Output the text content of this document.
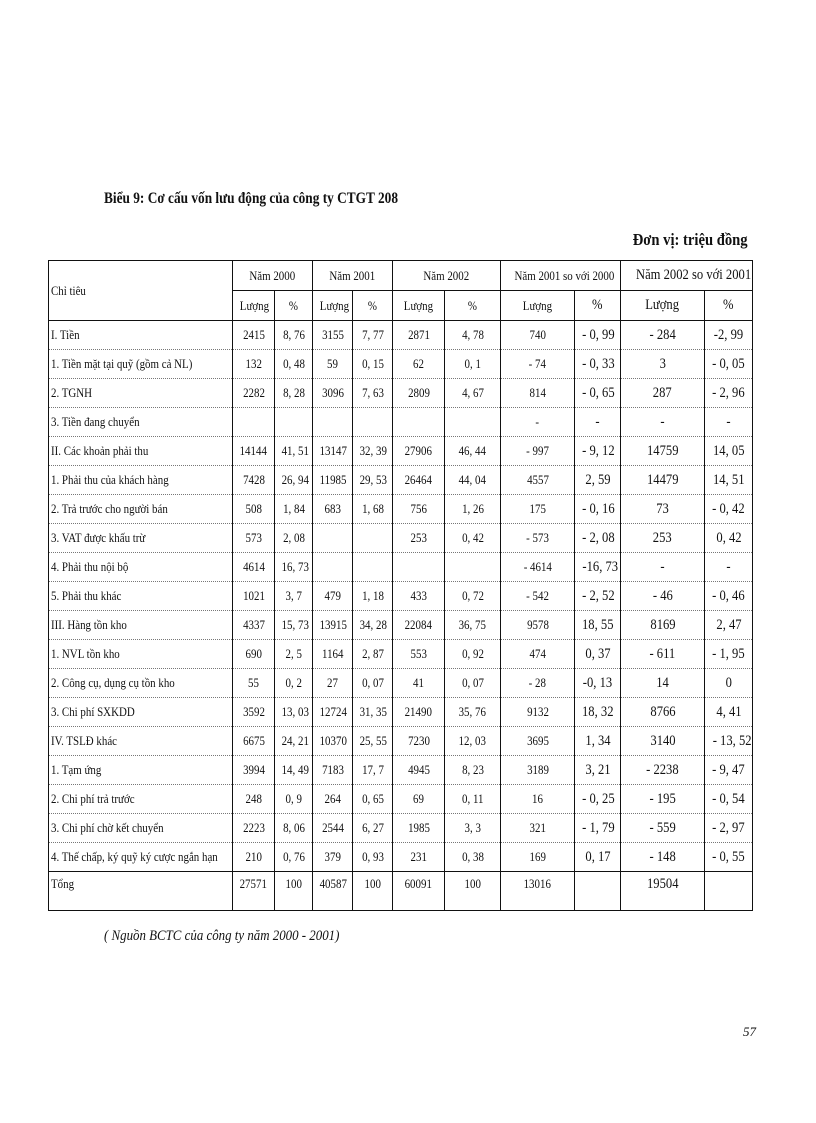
Biểu 9: Cơ cấu vốn lưu động của công ty CTGT 208
Đơn vị: triệu đồng
Chỉ tiêu	Năm 2000		Năm 2001		Năm 2002		Năm 2001 so với 2000		Năm 2002 so với 2001	
	Lượng	%	Lượng	%	Lượng	%	Lượng	%	Lượng	%
I. Tiền	2415	8, 76	3155	7, 77	2871	4, 78	740	- 0, 99	- 284	-2, 99
1. Tiền mặt tại quỹ (gồm cả NL)	132	0, 48	59	0, 15	62	0, 1	- 74	- 0, 33	3	- 0, 05
2. TGNH	2282	8, 28	3096	7, 63	2809	4, 67	814	- 0, 65	287	- 2, 96
3. Tiền đang chuyển							-	-	-	-
II. Các khoản phải thu	14144	41, 51	13147	32, 39	27906	46, 44	- 997	- 9, 12	14759	14, 05
1. Phải thu của khách hàng	7428	26, 94	11985	29, 53	26464	44, 04	4557	2, 59	14479	14, 51
2. Trả trước cho người bán	508	1, 84	683	1, 68	756	1, 26	175	- 0, 16	73	- 0, 42
3. VAT được khấu trừ	573	2, 08			253	0, 42	- 573	- 2, 08	253	0, 42
4. Phải thu nội bộ	4614	16, 73					- 4614	-16, 73	-	-
5. Phải thu khác	1021	3, 7	479	1, 18	433	0, 72	- 542	- 2, 52	- 46	- 0, 46
III. Hàng tồn kho	4337	15, 73	13915	34, 28	22084	36, 75	9578	18, 55	8169	2, 47
1. NVL tồn kho	690	2, 5	1164	2, 87	553	0, 92	474	0, 37	- 611	- 1, 95
2. Công cụ, dụng cụ tồn kho	55	0, 2	27	0, 07	41	0, 07	- 28	-0, 13	14	0
3. Chi phí SXKDD	3592	13, 03	12724	31, 35	21490	35, 76	9132	18, 32	8766	4, 41
IV. TSLĐ khác	6675	24, 21	10370	25, 55	7230	12, 03	3695	1, 34	3140	- 13, 52
1. Tạm ứng	3994	14, 49	7183	17, 7	4945	8, 23	3189	3, 21	- 2238	- 9, 47
2. Chi phí trả trước	248	0, 9	264	0, 65	69	0, 11	16	- 0, 25	- 195	- 0, 54
3. Chi phí chờ kết chuyển	2223	8, 06	2544	6, 27	1985	3, 3	321	- 1, 79	- 559	- 2, 97
4. Thế chấp, ký quỹ ký cược ngắn hạn	210	0, 76	379	0, 93	231	0, 38	169	0, 17	- 148	- 0, 55
Tổng	27571	100	40587	100	60091	100	13016		19504	
( Nguồn BCTC của công ty năm 2000 - 2001)
57
